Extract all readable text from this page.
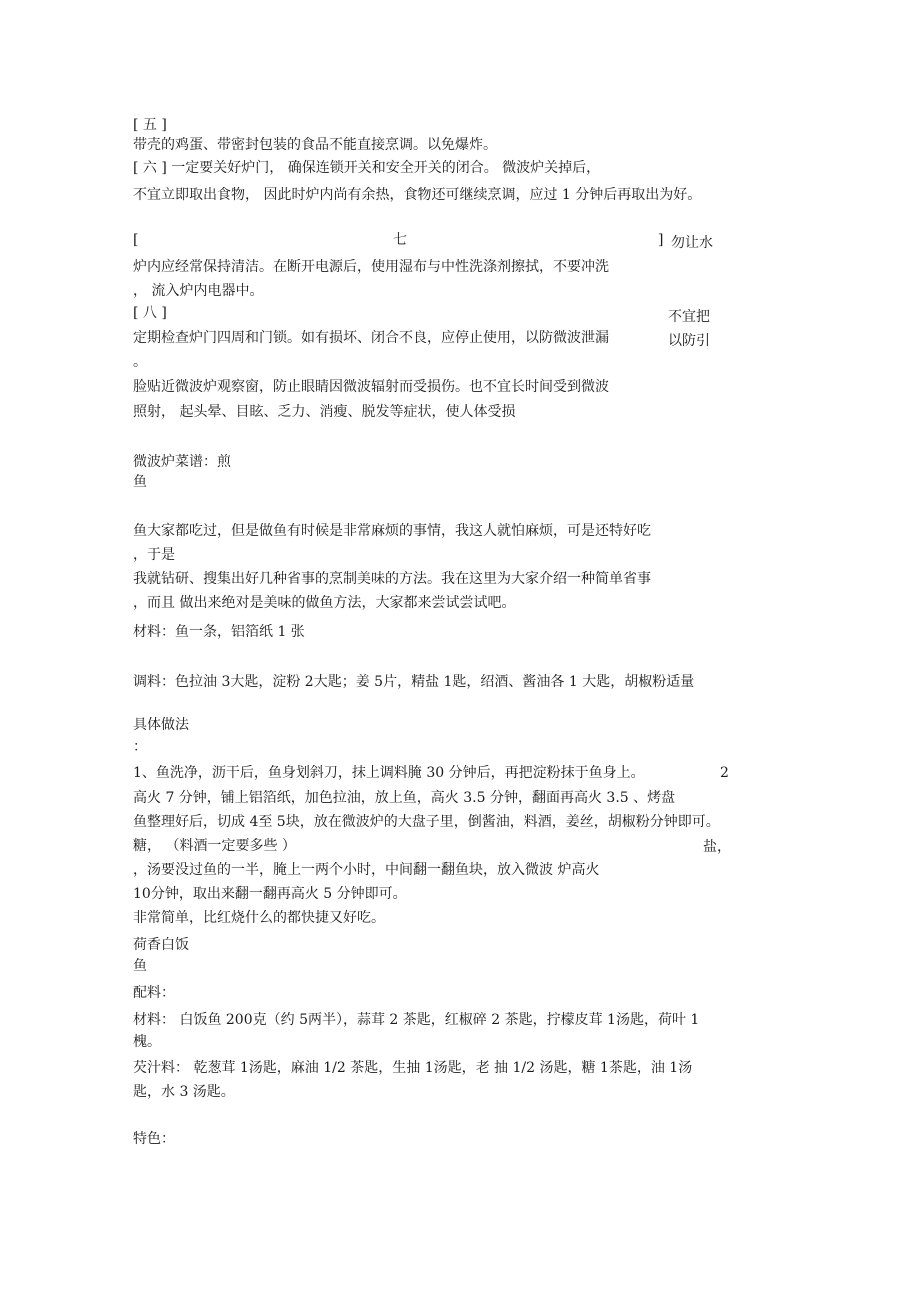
[ 五 ]
带壳的鸡蛋、带密封包装的食品不能直接烹调。以免爆炸。
[ 六 ] 一定要关好炉门， 确保连锁开关和安全开关的闭合。 微波炉关掉后，
不宜立即取出食物， 因此时炉内尚有余热，食物还可继续烹调，应过 1 分钟后再取出为好。
[	七	] 勿让水
炉内应经常保持清洁。在断开电源后，使用湿布与中性洗涤剂擦拭，不要冲洗
， 流入炉内电器中。
[ 八 ]	不宜把
定期检查炉门四周和门锁。如有损坏、闭合不良，应停止使用，以防微波泄漏	以防引
。
脸贴近微波炉观察窗，防止眼睛因微波辐射而受损伤。也不宜长时间受到微波
照射， 起头晕、目眩、乏力、消瘦、脱发等症状，使人体受损
微波炉菜谱：煎
鱼
鱼大家都吃过，但是做鱼有时候是非常麻烦的事情，我这人就怕麻烦，可是还特好吃
，于是
我就钻研、搜集出好几种省事的烹制美味的方法。我在这里为大家介绍一种简单省事
，而且 做出来绝对是美味的做鱼方法，大家都来尝试尝试吧。
材料：鱼一条，铝箔纸 1 张
调料：色拉油 3大匙，淀粉 2大匙；姜 5片，精盐 1匙，绍酒、酱油各 1 大匙，胡椒粉适量
具体做法
：
1、鱼洗净，沥干后，鱼身划斜刀，抹上调料腌 30 分钟后，再把淀粉抹于鱼身上。	2
高火 7 分钟，铺上铝箔纸，加色拉油，放上鱼，高火 3.5 分钟，翻面再高火 3.5 、烤盘
鱼整理好后，切成 4至 5块，放在微波炉的大盘子里，倒酱油，料酒，姜丝，胡椒粉分钟即可。
糖， （料酒一定要多些 ）	盐，
，汤要没过鱼的一半，腌上一两个小时，中间翻一翻鱼块，放入微波 炉高火
10分钟，取出来翻一翻再高火 5 分钟即可。
非常简单，比红烧什么的都快捷又好吃。
荷香白饭
鱼
配料：
材料： 白饭鱼 200克（约 5两半），蒜茸 2 茶匙，红椒碎 2 茶匙，拧檬皮茸 1汤匙，荷叶 1
槐。
芡汁料： 乾葱茸 1汤匙，麻油 1/2 茶匙，生抽 1汤匙，老 抽 1/2 汤匙，糖 1茶匙，油 1汤
匙，水 3 汤匙。
特色：
